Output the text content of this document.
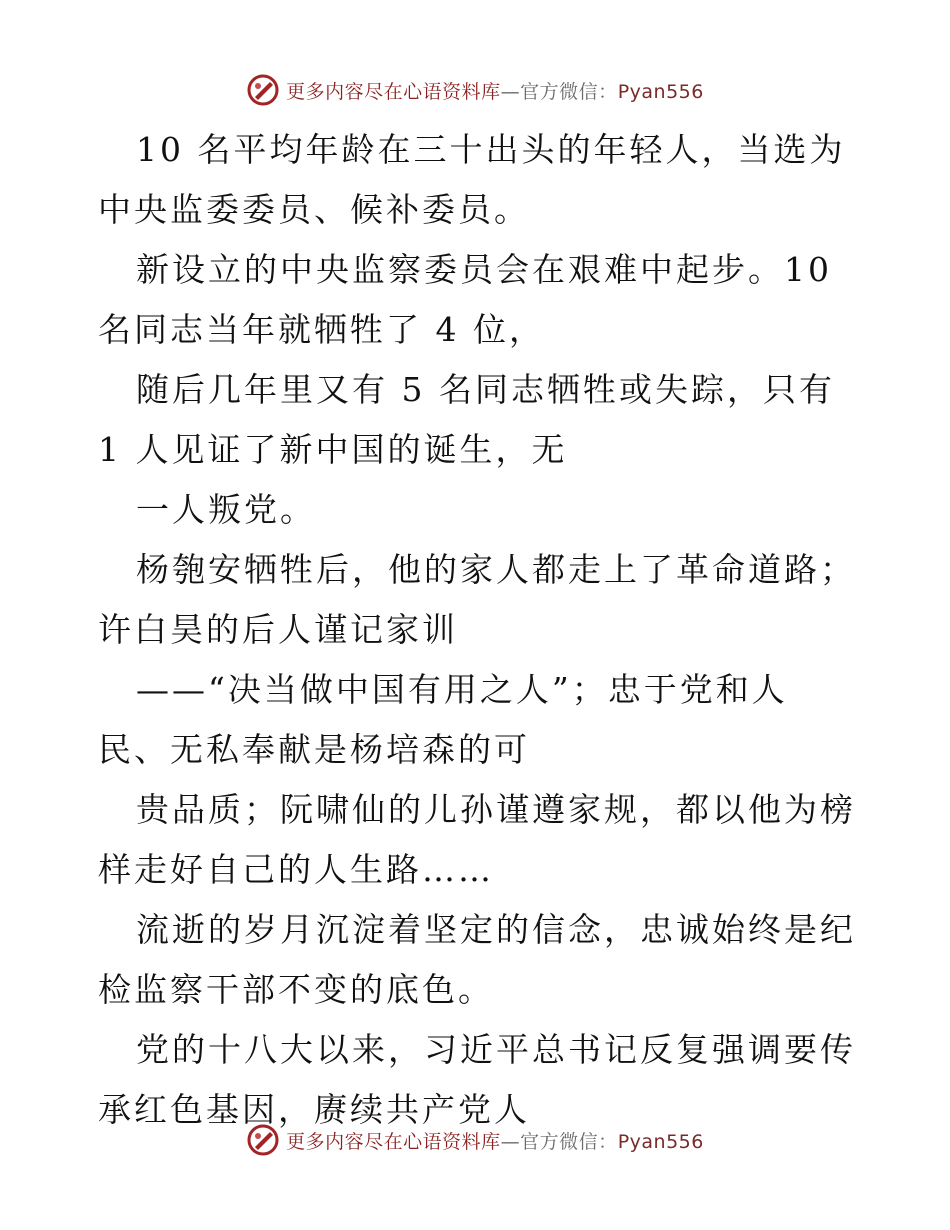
更多内容尽在心语资料库—官方微信：Pyan556

10 名平均年龄在三十出头的年轻人，当选为中央监委委员、候补委员。

新设立的中央监察委员会在艰难中起步。10 名同志当年就牺牲了 4 位，

随后几年里又有 5 名同志牺牲或失踪，只有 1 人见证了新中国的诞生，无

一人叛党。

杨匏安牺牲后，他的家人都走上了革命道路；许白昊的后人谨记家训

——“决当做中国有用之人”；忠于党和人民、无私奉献是杨培森的可

贵品质；阮啸仙的儿孙谨遵家规，都以他为榜样走好自己的人生路……

流逝的岁月沉淀着坚定的信念，忠诚始终是纪检监察干部不变的底色。

党的十八大以来，习近平总书记反复强调要传承红色基因，赓续共产党人

更多内容尽在心语资料库—官方微信：Pyan556
